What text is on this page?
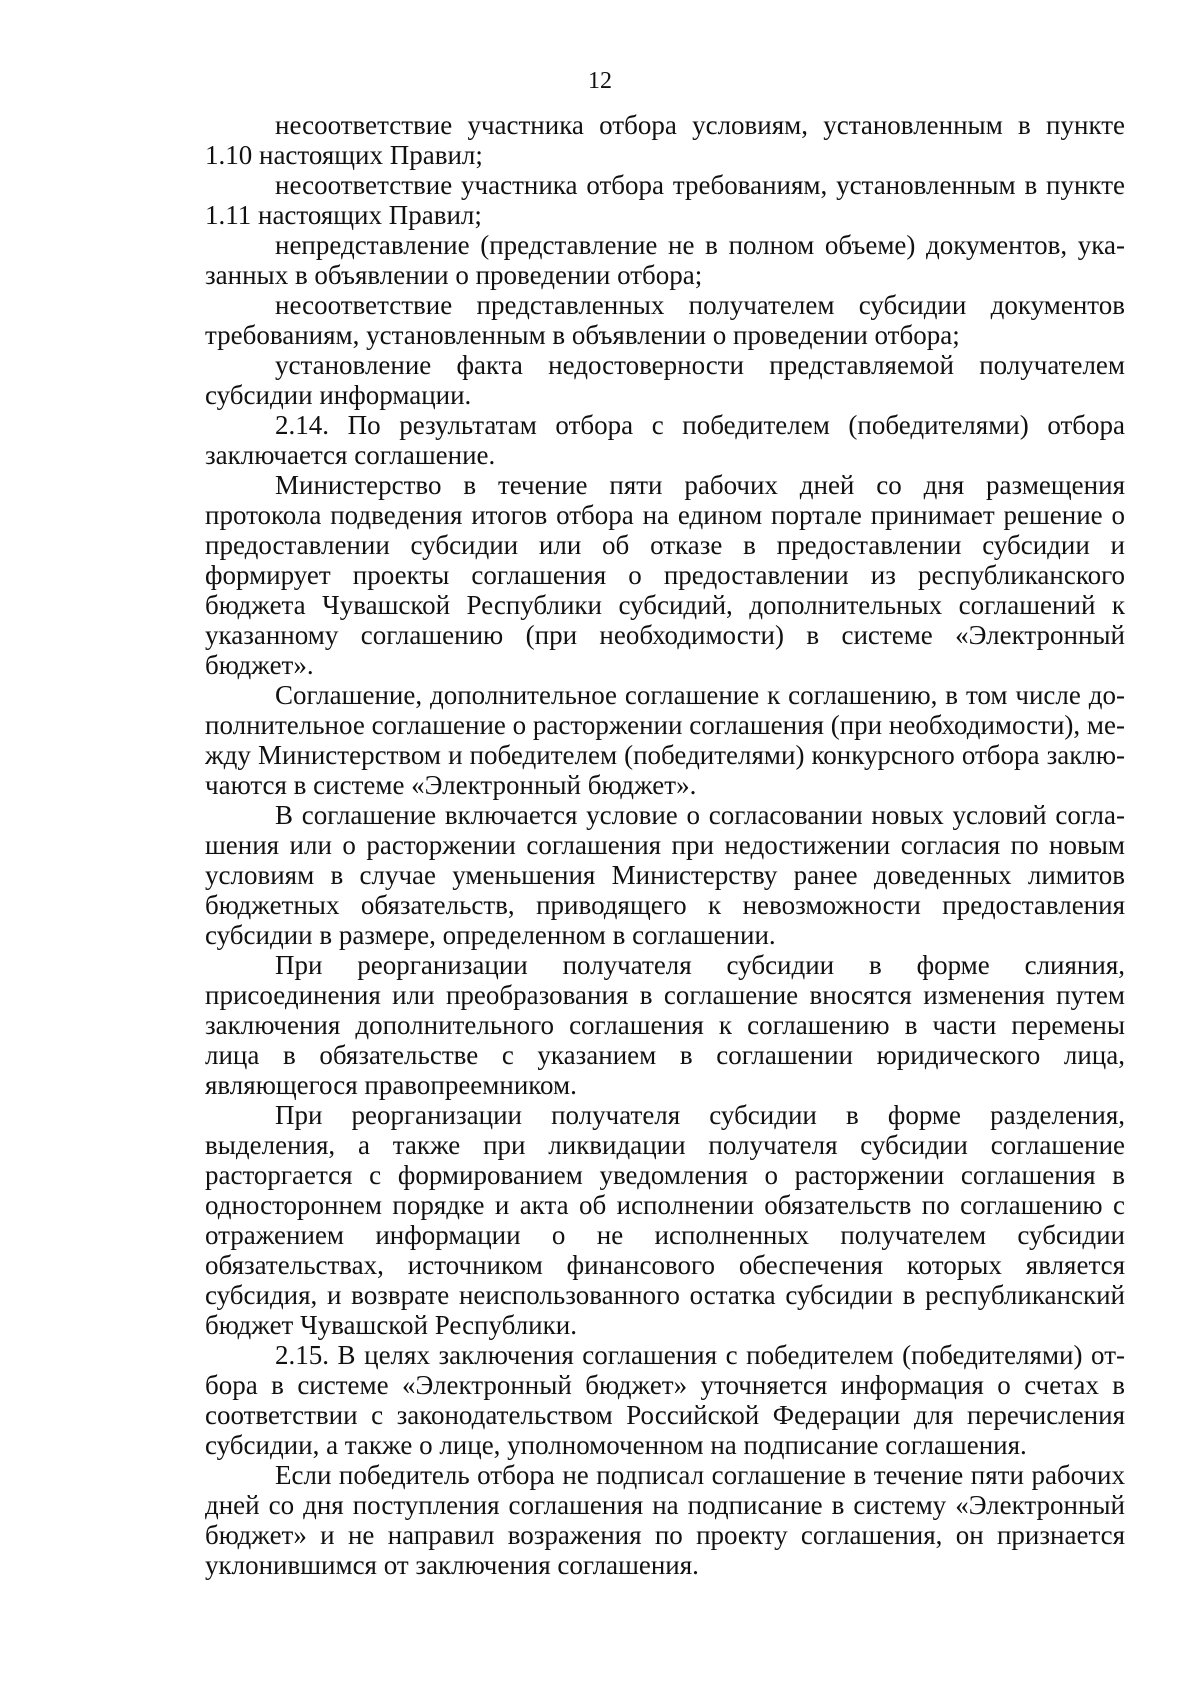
12

несоответствие участника отбора условиям, установленным в пункте 1.10 настоящих Правил;

несоответствие участника отбора требованиям, установленным в пункте 1.11 настоящих Правил;

непредставление (представление не в полном объеме) документов, указанных в объявлении о проведении отбора;

несоответствие представленных получателем субсидии документов требованиям, установленным в объявлении о проведении отбора;

установление факта недостоверности представляемой получателем субсидии информации.

2.14. По результатам отбора с победителем (победителями) отбора заключается соглашение.

Министерство в течение пяти рабочих дней со дня размещения протокола подведения итогов отбора на едином портале принимает решение о предоставлении субсидии или об отказе в предоставлении субсидии и формирует проекты соглашения о предоставлении из республиканского бюджета Чувашской Республики субсидий, дополнительных соглашений к указанному соглашению (при необходимости) в системе «Электронный бюджет».

Соглашение, дополнительное соглашение к соглашению, в том числе дополнительное соглашение о расторжении соглашения (при необходимости), между Министерством и победителем (победителями) конкурсного отбора заключаются в системе «Электронный бюджет».

В соглашение включается условие о согласовании новых условий соглашения или о расторжении соглашения при недостижении согласия по новым условиям в случае уменьшения Министерству ранее доведенных лимитов бюджетных обязательств, приводящего к невозможности предоставления субсидии в размере, определенном в соглашении.

При реорганизации получателя субсидии в форме слияния, присоединения или преобразования в соглашение вносятся изменения путем заключения дополнительного соглашения к соглашению в части перемены лица в обязательстве с указанием в соглашении юридического лица, являющегося правопреемником.

При реорганизации получателя субсидии в форме разделения, выделения, а также при ликвидации получателя субсидии соглашение расторгается с формированием уведомления о расторжении соглашения в одностороннем порядке и акта об исполнении обязательств по соглашению с отражением информации о не исполненных получателем субсидии обязательствах, источником финансового обеспечения которых является субсидия, и возврате неиспользованного остатка субсидии в республиканский бюджет Чувашской Республики.

2.15. В целях заключения соглашения с победителем (победителями) отбора в системе «Электронный бюджет» уточняется информация о счетах в соответствии с законодательством Российской Федерации для перечисления субсидии, а также о лице, уполномоченном на подписание соглашения.

Если победитель отбора не подписал соглашение в течение пяти рабочих дней со дня поступления соглашения на подписание в систему «Электронный бюджет» и не направил возражения по проекту соглашения, он признается уклонившимся от заключения соглашения.
